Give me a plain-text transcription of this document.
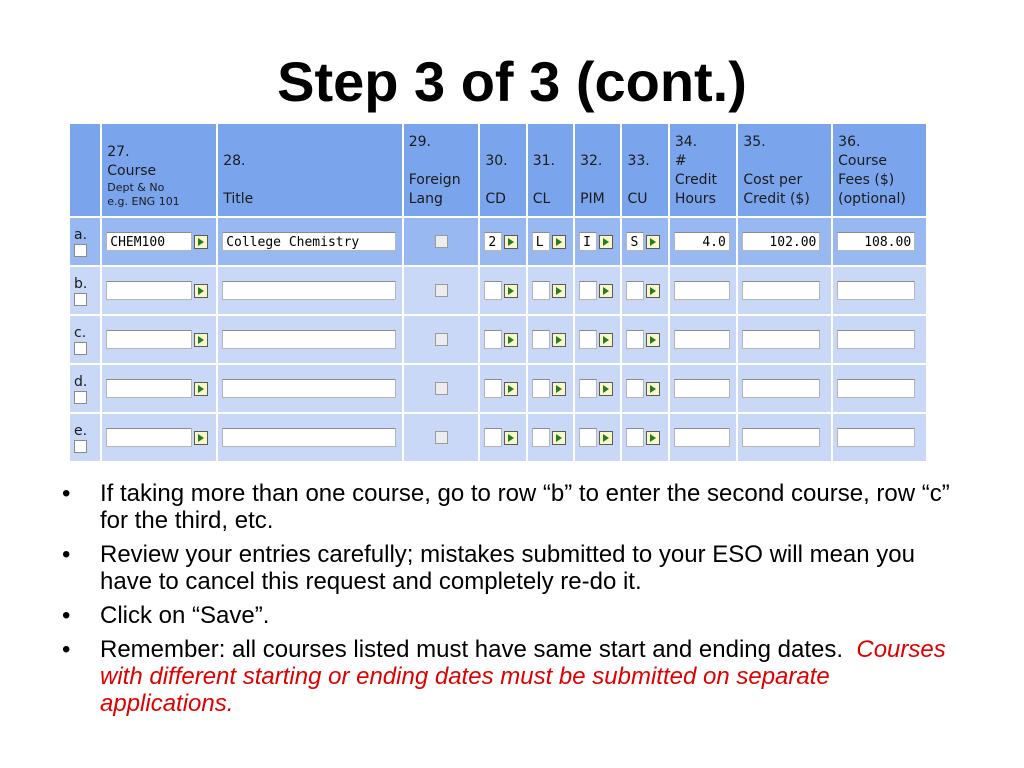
Step 3 of 3 (cont.)

	27.
Course
Dept & No
e.g. ENG 101	28.

Title	29.

Foreign
Lang	30.

CD	31.

CL	32.

PIM	33.

CU	34.
#
Credit
Hours	35.

Cost per
Credit ($)	36.
Course
Fees ($)
(optional)

a.	CHEM100	College Chemistry		2	L	I	S	4.0	102.00	108.00

b.										

c.										

d.										

e.										

• If taking more than one course, go to row “b” to enter the second course, row “c” for the third, etc.
• Review your entries carefully; mistakes submitted to your ESO will mean you have to cancel this request and completely re-do it.
• Click on “Save”.
• Remember: all courses listed must have same start and ending dates. Courses with different starting or ending dates must be submitted on separate applications.
